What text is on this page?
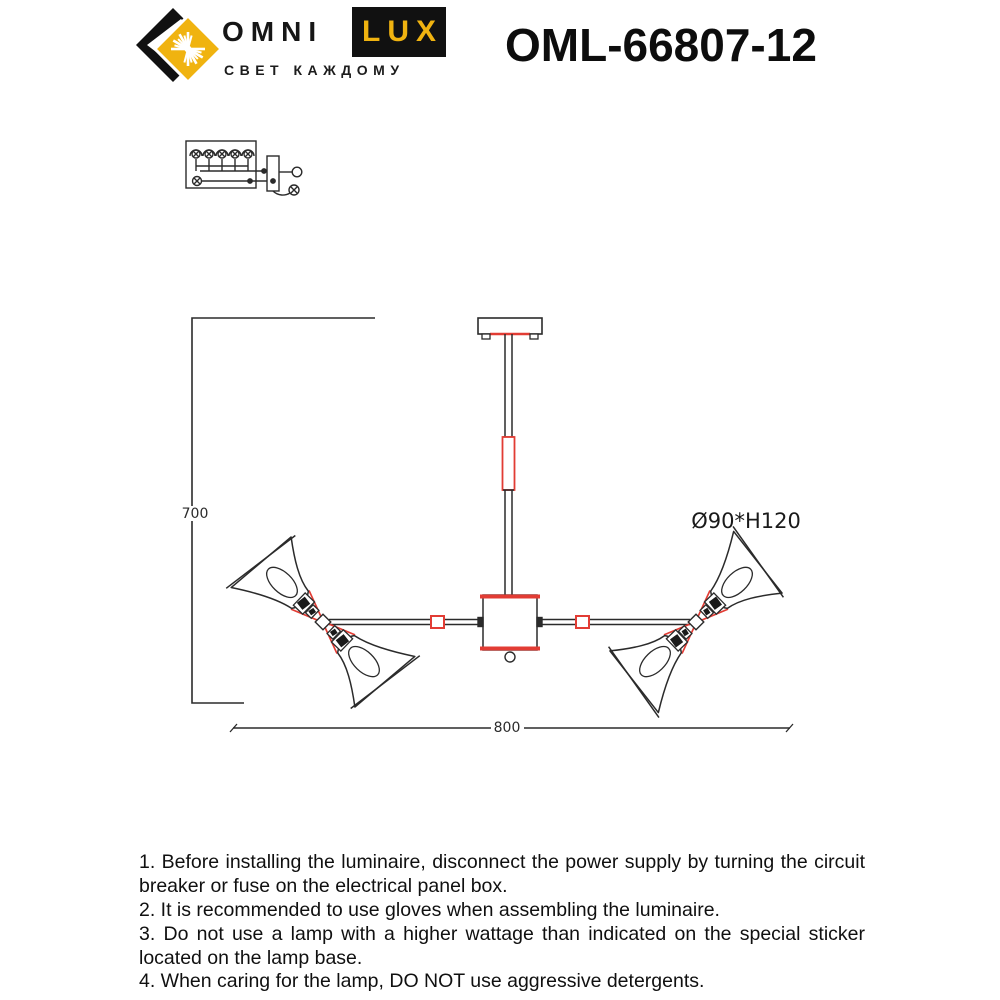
OMNI LUX
СВЕТ КАЖДОМУ OML-66807-12
700
800
Ø90*H120

1. Before installing the luminaire, disconnect the power supply by turning the circuit breaker or fuse on the electrical panel box.

2. It is recommended to use gloves when assembling the luminaire.

3. Do not use a lamp with a higher wattage than indicated on the special sticker located on the lamp base.

4. When caring for the lamp, DO NOT use aggressive detergents.
